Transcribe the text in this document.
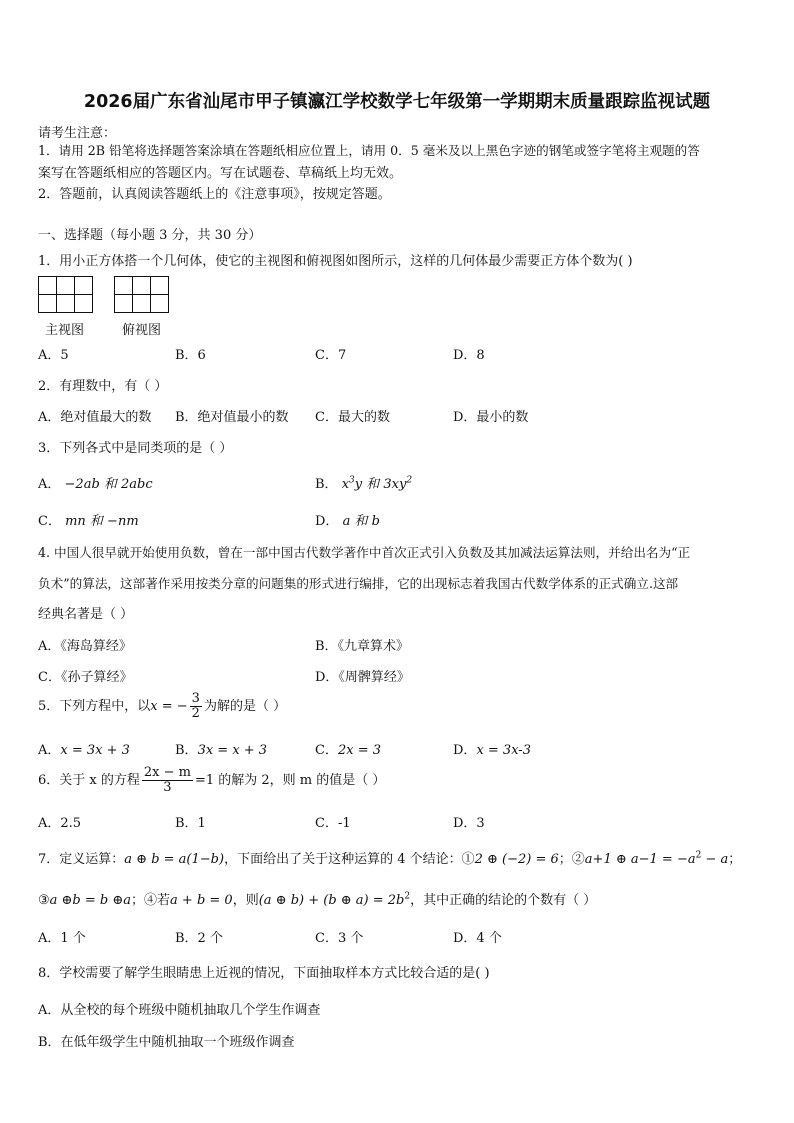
2026届广东省汕尾市甲子镇瀛江学校数学七年级第一学期期末质量跟踪监视试题
请考生注意：
1．请用 2B 铅笔将选择题答案涂填在答题纸相应位置上，请用 0．5 毫米及以上黑色字迹的钢笔或签字笔将主观题的答
案写在答题纸相应的答题区内。写在试题卷、草稿纸上均无效。
2．答题前，认真阅读答题纸上的《注意事项》，按规定答题。
一、选择题（每小题 3 分，共 30 分）
1．用小正方体搭一个几何体，使它的主视图和俯视图如图所示，这样的几何体最少需要正方体个数为( )

主视图	俯视图
A．5	B．6	C．7	D．8
2．有理数中，有（ ）
A．绝对值最大的数 B．绝对值最小的数 C．最大的数	D．最小的数
3．下列各式中是同类项的是（ ）
A． −2ab 和 2abc	B． $x^3y$ 和 $3xy^2$
C． mn 和 −nm	D． a 和 b
4. 中国人很早就开始使用负数，曾在一部中国古代数学著作中首次正式引入负数及其加减法运算法则，并给出名为“正
负术”的算法，这部著作采用按类分章的问题集的形式进行编排，它的出现标志着我国古代数学体系的正式确立.这部
经典名著是（ ）
A．《海岛算经》	B．《九章算术》
C．《孙子算经》	D．《周髀算经》
5．下列方程中，以x = − $\frac{3}{2}$ 为解的是（ ）
A．x = 3x + 3	B．3x = x + 3	C．2x = 3	D．x = 3x-3
6．关于 x 的方程 $\frac{2x - m}{3} =1$ 的解为 2，则 m 的值是（ ）
A．2.5	B．1	C．-1	D．3
7．定义运算：a ⊕ b = a(1−b)，下面给出了关于这种运算的 4 个结论：①2 ⊕ (−2) = 6；②a+1 ⊕ $a-1 = -a^2 - a$；
③a ⊕b = b ⊕a；④若a + b = 0，则(a ⊕ b) + (b ⊕ $a) = 2b^2$，其中正确的结论的个数有（ ）
A．1 个	B．2 个	C．3 个	D．4 个
8．学校需要了解学生眼睛患上近视的情况，下面抽取样本方式比较合适的是( )
A．从全校的每个班级中随机抽取几个学生作调查
B．在低年级学生中随机抽取一个班级作调查
